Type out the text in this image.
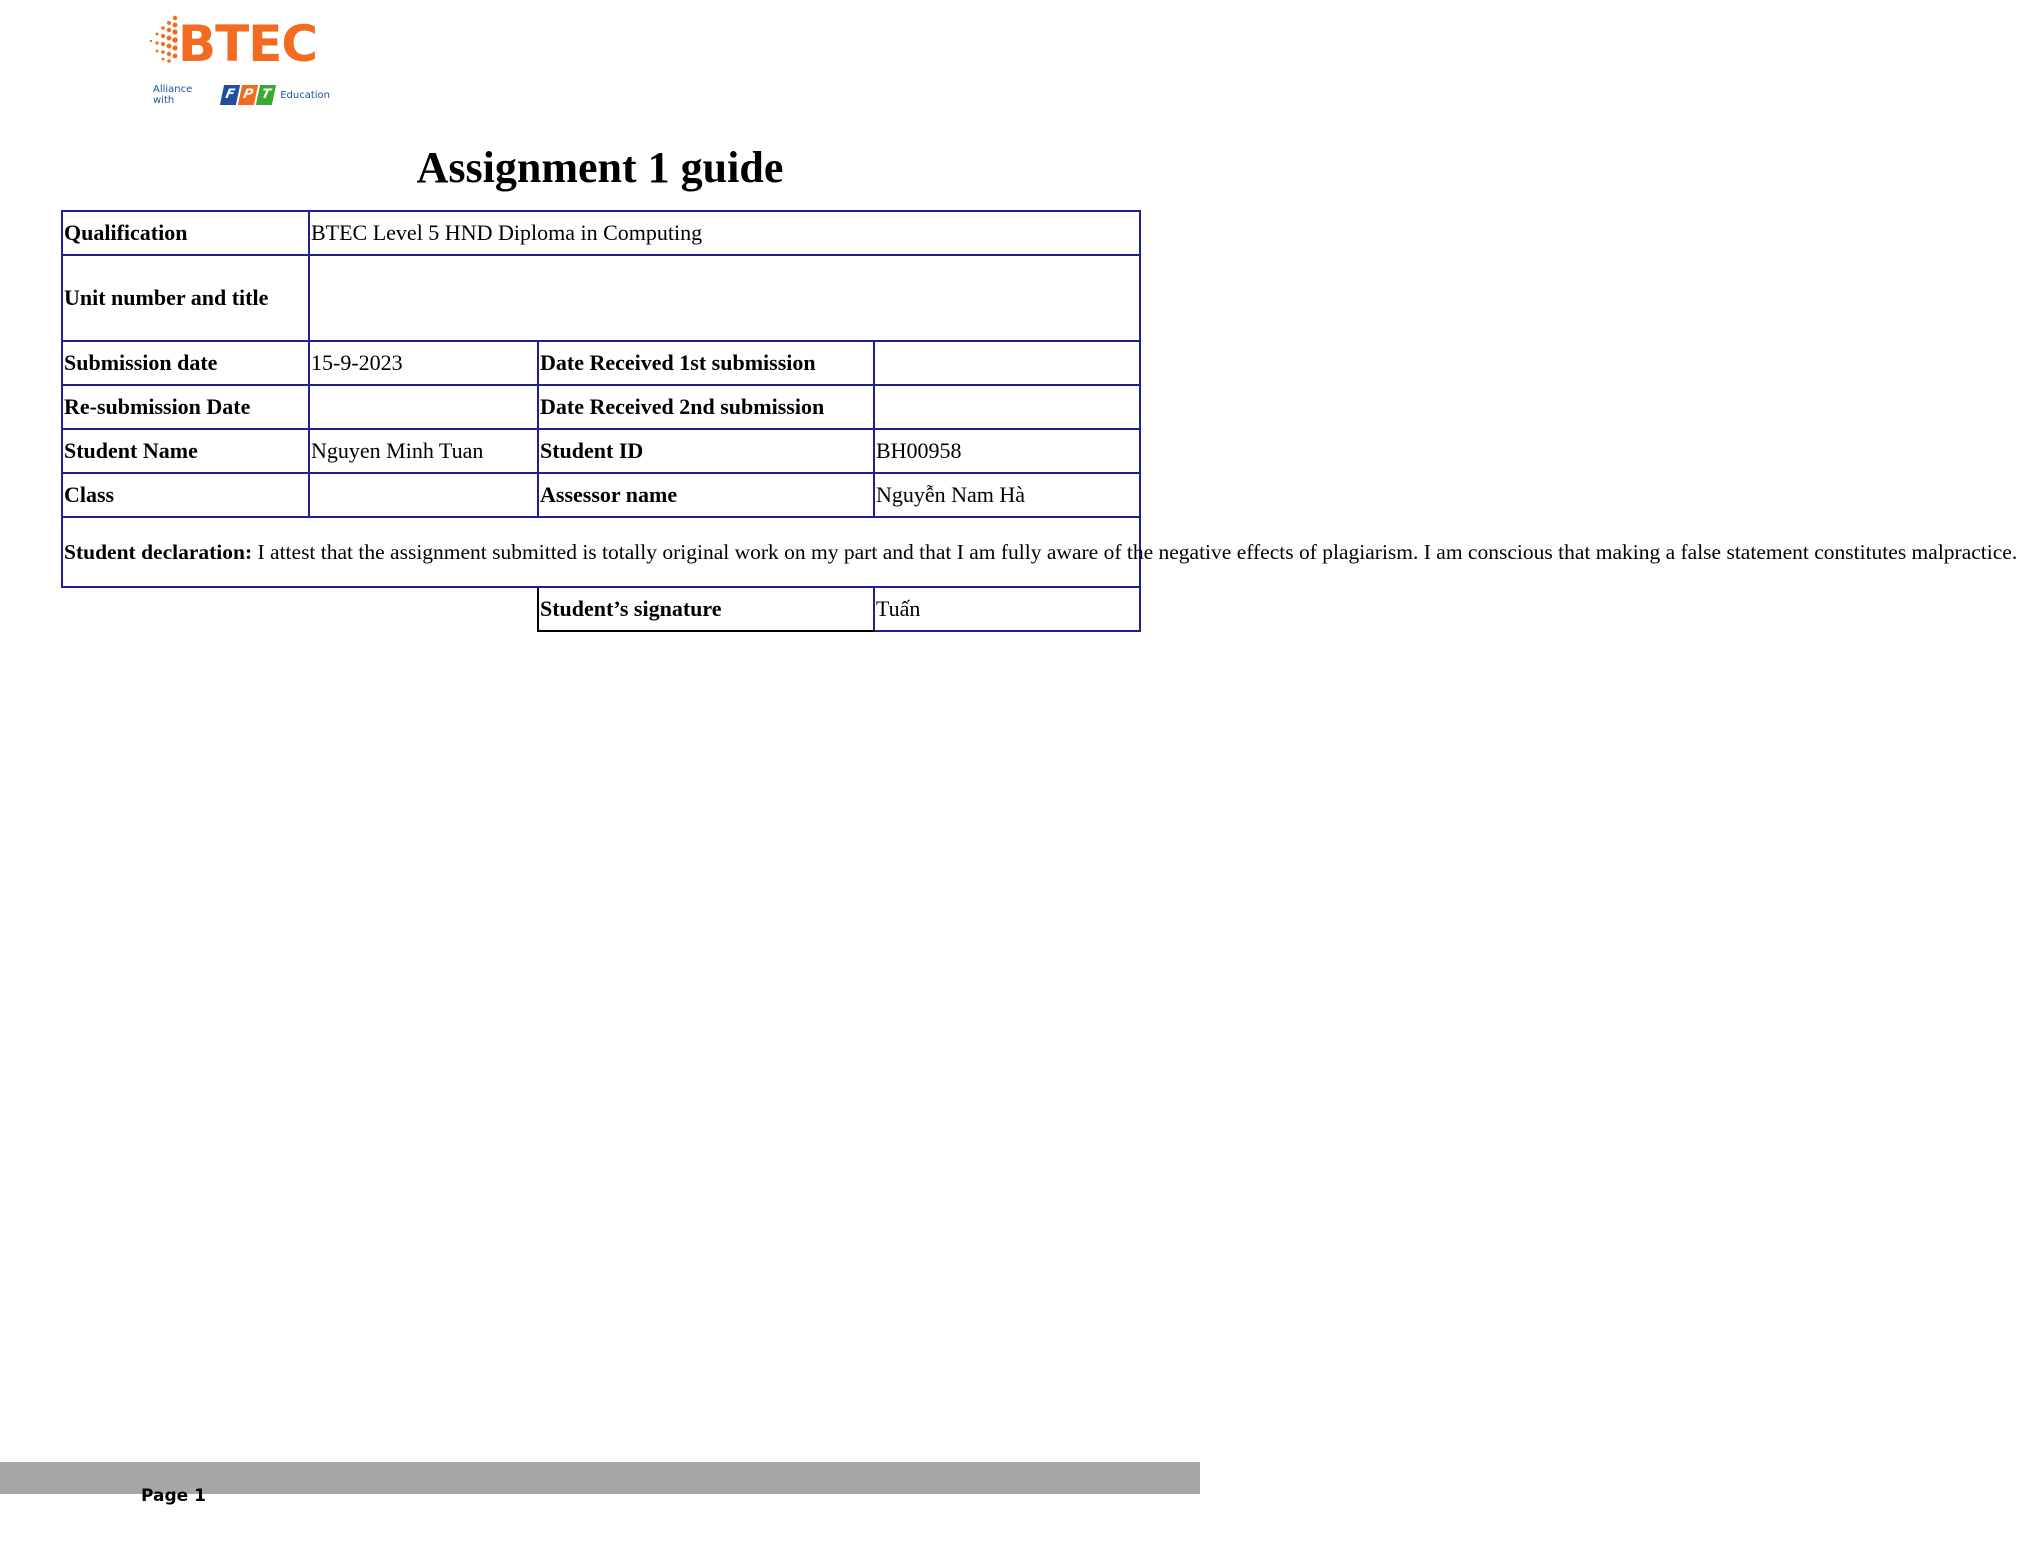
BTEC
Alliance with	F P T Education
Assignment 1 guide
Qualification	BTEC Level 5 HND Diploma in Computing		
Unit number and title			
Submission date	15-9-2023	Date Received 1st submission	
Re-submission Date		Date Received 2nd submission	
Student Name	Nguyen Minh Tuan	Student ID	BH00958
Class		Assessor name	Nguyễn Nam Hà
Student declaration: I attest that the assignment submitted is totally original work on my part and that I am fully aware of the negative effects of plagiarism. I am conscious that making a false statement constitutes malpractice.			
		Student’s signature	Tuấn
Page 1
